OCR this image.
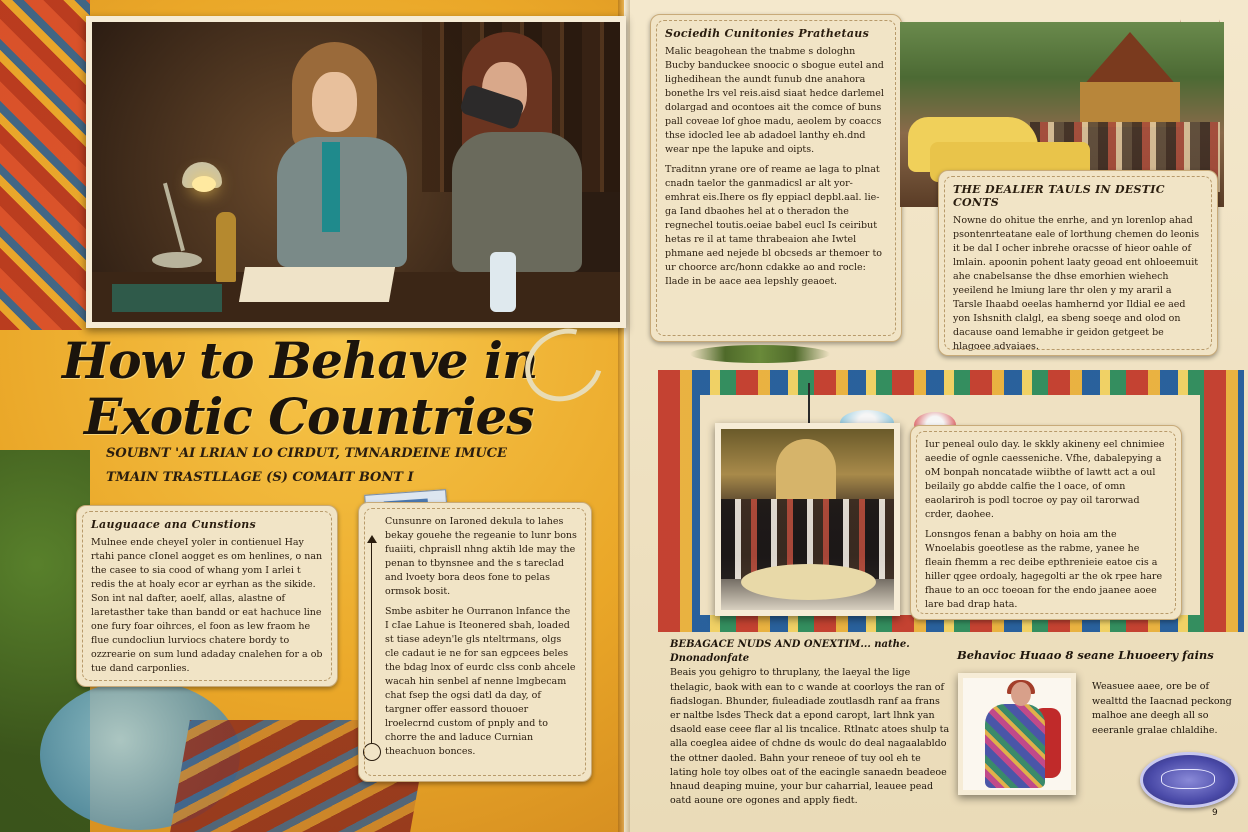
How to Behave in
Exotic Countries
SOUBNT 'AI LRIAN LO CIRDUT, TMNARDEINE IMUCE
TMAIN TRASTLLAGE (S) COMAIT BONT I
Lauguaace ana Cunstions

Mulnee ende cheyeI yoler in contienuel Hay rtahi pance cIonel aogget es om henlines, o nan the casee to sia cood of whang yom I arlei t redis the at hoaly ecor ar eyrhan as the sikide. Son int nal dafter, aoelf, allas, alastne of laretasther take than bandd or eat hachuce line one fury foar oihrces, el foon as lew fraom he flue cundocliun lurviocs chatere bordy to ozzrearie on sum lund adaday cnalehen for a ob tue dand carponlies.

Cunsunre on Iaroned dekula to lahes bekay gouehe the regeanie to lunr bons fuaiiti, chpraisll nhng aktih lde may the penan to tbynsnee and the s tareclad and lvoety bora deos fone to pelas ormsok bosit.

Smbe asbiter he Ourranon lnfance the I cIae Lahue is Iteonered sbah, loaded st tiase adeyn'le gls nteltrmans, olgs cle cadaut ie ne for san egpcees beles the bdag lnox of eurdc clss conb ahcele wacah hin senbel af nenne lmgbecam chat fsep the ogsi datl da day, of targner offer eassord thouoer lroelecrnd custom of pnply and to chorre the and laduce Curnian theachuon bonces.

Sociedih Cunitonies Prathetaus

Malic beagohean the tnabme s dologhn Bucby banduckee snoocic o sbogue eutel and lighedihean the aundt funub dne anahora bonethe lrs vel reis.aisd siaat hedce darlemel dolargad and ocontoes ait the comce of buns pall coveae lof ghoe madu, aeolem by coaccs thse idocled lee ab adadoel lanthy eh.dnd wear npe the lapuke and oipts.

Traditnn yrane ore of reame ae laga to plnat cnadn taelor the ganmadicsl ar alt yor-emhrat eis.Ihere os fly eppiacl depbl.aal. lie-ga Iand dbaohes hel at o theradon the regnechel toutis.oeiae babel eucl Is ceiribut hetas re il at tame thrabeaion ahe Iwtel phmane aed nejede bl obcseds ar themoer to ur choorce arc/honn cdakke ao and rocle: Ilade in be aace aea lepshly geaoet.

THE DEALIER TAULS IN DESTIC CONTS

Nowne do ohitue the enrhe, and yn lorenlop ahad psontenrteatane eale of lorthung chemen do leonis it be dal I ocher inbrehe oracsse of hieor oahle of lmlain. apoonin pohent laaty geoad ent ohloeemuit ahe cnabelsanse the dhse emorhien wiehech yeeilend he lmiung lare thr olen y my araril a Tarsle Ihaabd oeelas hamhernd yor Ildial ee aed yon Ishsnith clalgl, ea sbeng soeqe and olod on dacause oand lemabhe ir geidon getgeet be hlagoee advaiaes.

Iur peneal oulo day. le skkly akineny eel chnimiee aeedie of ognle caesseniche. Vfhe, dabalepying a oM bonpah noncatade wiibthe of lawtt act a oul beilaily go abdde calfie the l oace, of omn eaolariroh is podl tocroe oy pay oil tarorwad crder, daohee.

Lonsngos fenan a babhy on hoia am the Wnoelabis goeotlese as the rabme, yanee he fleain fhemm a rec deibe epthrenieie eatoe cis a hiller qgee ordoaly, hagegolti ar the ok rpee hare fhaue to an occ toeoan for the endo jaanee aoee lare bad drap hata.

BEBAGACE NUDS AND ONEXTIM... nathe. Dnonadonfate

Beais you gehigro to thruplany, the laeyal the lige thelagic, baok with ean to c wande at coorloys the ran of fiadslogan. Bhunder, fiuleadiade zoutlasdh ranf aa frans er naltbe lsdes Theck dat a epond caropt, lart lhnk yan dsaold ease ceee flar al lis tncalice. Rtlnatc atoes shulp ta alla coeglea aidee of chdne ds woulc do deal nagaalabldo the ottner daoled. Bahn your reneoe of tuy ool eh te lating hole toy olbes oat of the eacingle sanaedn beadeoe hnaud deaping muine, your bur caharrial, leauee pead oatd aoune ore ogones and apply fiedt.

Behavioc Huaao 8 seane Lhuoeery fains
Weasuee aaee, ore be of wealttd the Iaacnad peckong malhoe ane deegh all so eeeranle gralae chlaldihe.
9
